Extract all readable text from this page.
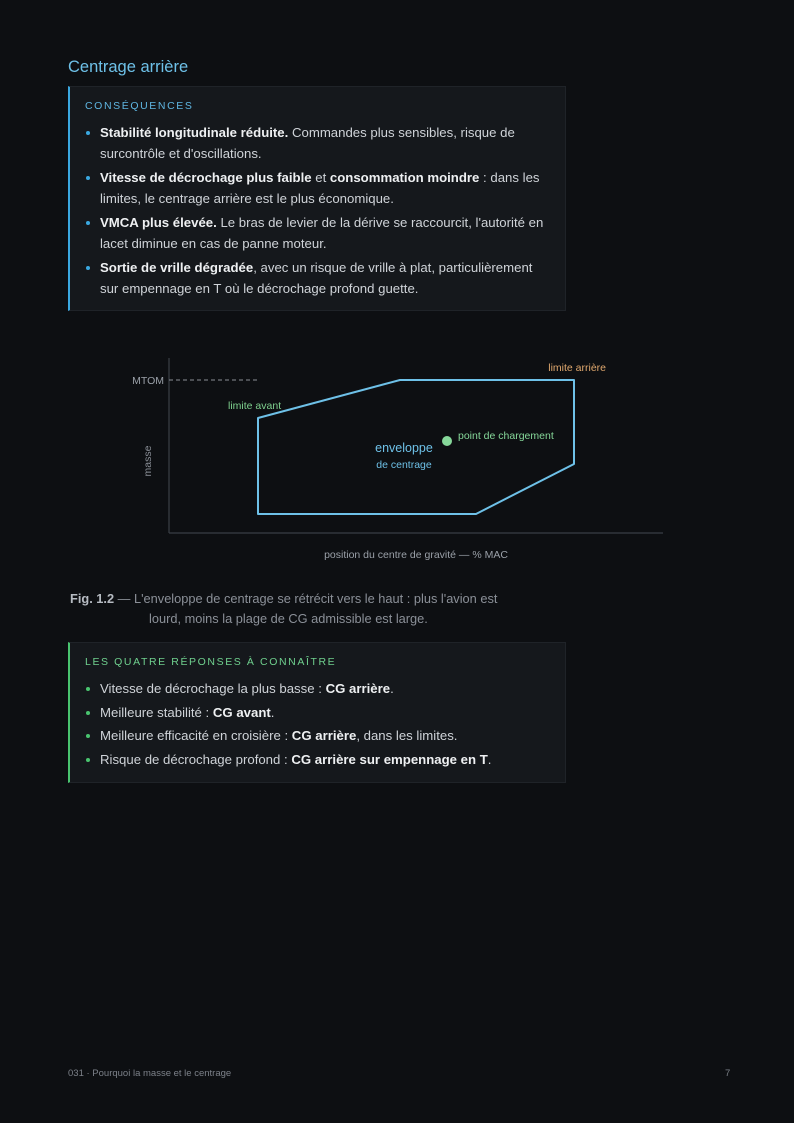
Centrage arrière
CONSÉQUENCES
Stabilité longitudinale réduite. Commandes plus sensibles, risque de surcontrôle et d'oscillations.
Vitesse de décrochage plus faible et consommation moindre : dans les limites, le centrage arrière est le plus économique.
VMCA plus élevée. Le bras de levier de la dérive se raccourcit, l'autorité en lacet diminue en cas de panne moteur.
Sortie de vrille dégradée, avec un risque de vrille à plat, particulièrement sur empennage en T où le décrochage profond guette.
MTOM
limite avant
limite arrière
enveloppe
de centrage
point de chargement
masse
position du centre de gravité — % MAC
Fig. 1.2 — L'enveloppe de centrage se rétrécit vers le haut : plus l'avion est
lourd, moins la plage de CG admissible est large.
LES QUATRE RÉPONSES À CONNAÎTRE
Vitesse de décrochage la plus basse : CG arrière.
Meilleure stabilité : CG avant.
Meilleure efficacité en croisière : CG arrière, dans les limites.
Risque de décrochage profond : CG arrière sur empennage en T.
031 · Pourquoi la masse et le centrage	7
